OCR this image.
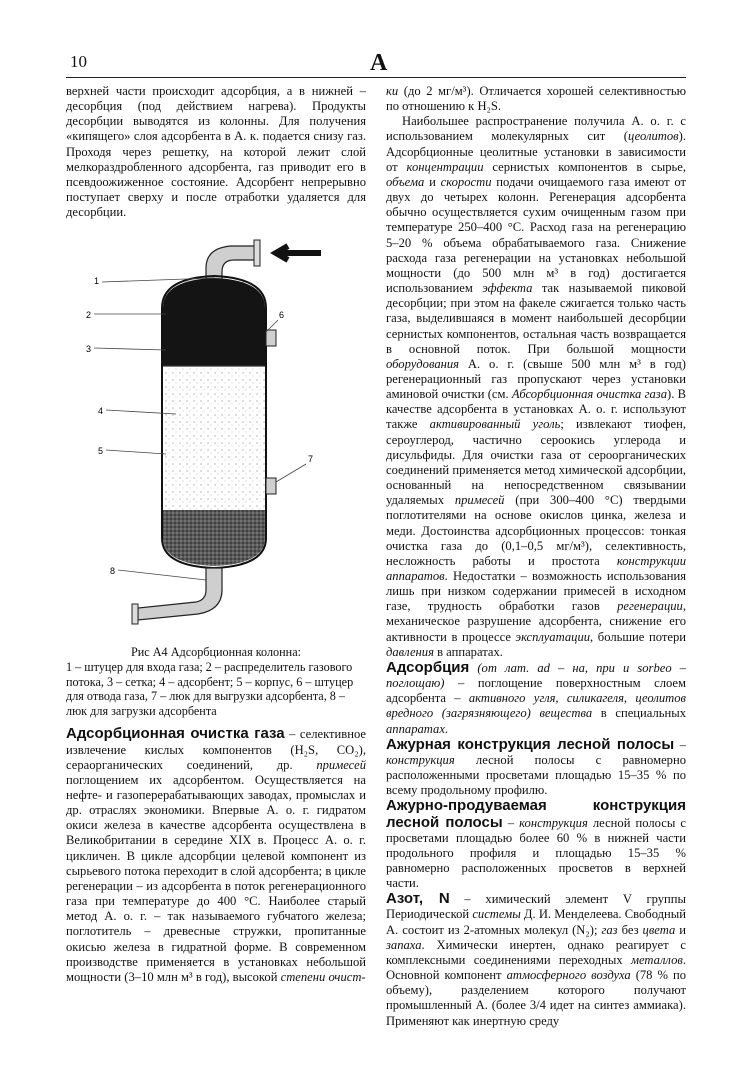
10	А

верхней части происходит адсорбция, а в нижней – десорбция (под действием нагрева). Продукты десорбции выводятся из колонны. Для получения «кипящего» слоя адсорбента в А. к. подается снизу газ. Проходя через решетку, на которой лежит слой мелкораздробленного адсорбента, газ приводит его в псевдоожиженное состояние. Адсорбент непрерывно поступает сверху и после отработки удаляется для десорбции.

1
2
3
4
5
6
7
8
Рис А4 Адсорбционная колонна:
1 – штуцер для входа газа; 2 – распределитель газового потока, 3 – сетка; 4 – адсорбент; 5 – корпус, 6 – штуцер для отвода газа, 7 – люк для выгрузки адсорбента, 8 – люк для загрузки адсорбента

Адсорбционная очистка газа – селективное извлечение кислых компонентов (H₂S, CO₂), сераорганических соединений, др. примесей поглощением их адсорбентом. Осуществляется на нефте- и газоперерабатывающих заводах, промыслах и др. отраслях экономики. Впервые А. о. г. гидратом окиси железа в качестве адсорбента осуществлена в Великобритании в середине XIX в. Процесс А. о. г. цикличен. В цикле адсорбции целевой компонент из сырьевого потока переходит в слой адсорбента; в цикле регенерации – из адсорбента в поток регенерационного газа при температуре до 400 °С. Наиболее старый метод А. о. г. – так называемого губчатого железа; поглотитель – древесные стружки, пропитанные окисью железа в гидратной форме. В современном производстве применяется в установках небольшой мощности (3–10 млн м³ в год), высокой степени очист-

ки (до 2 мг/м³). Отличается хорошей селективностью по отношению к H₂S.

Наибольшее распространение получила А. о. г. с использованием молекулярных сит (цеолитов). Адсорбционные цеолитные установки в зависимости от концентрации сернистых компонентов в сырье, объема и скорости подачи очищаемого газа имеют от двух до четырех колонн. Регенерация адсорбента обычно осуществляется сухим очищенным газом при температуре 250–400 °С. Расход газа на регенерацию 5–20 % объема обрабатываемого газа. Снижение расхода газа регенерации на установках небольшой мощности (до 500 млн м³ в год) достигается использованием эффекта так называемой пиковой десорбции; при этом на факеле сжигается только часть газа, выделившаяся в момент наибольшей десорбции сернистых компонентов, остальная часть возвращается в основной поток. При большой мощности оборудования А. о. г. (свыше 500 млн м³ в год) регенерационный газ пропускают через установки аминовой очистки (см. Абсорбционная очистка газа). В качестве адсорбента в установках А. о. г. используют также активированный уголь; извлекают тиофен, сероуглерод, частично сероокись углерода и дисульфиды. Для очистки газа от сероорганических соединений применяется метод химической адсорбции, основанный на непосредственном связывании удаляемых примесей (при 300–400 °С) твердыми поглотителями на основе окислов цинка, железа и меди. Достоинства адсорбционных процессов: тонкая очистка газа до (0,1–0,5 мг/м³), селективность, несложность работы и простота конструкции аппаратов. Недостатки – возможность использования лишь при низком содержании примесей в исходном газе, трудность обработки газов регенерации, механическое разрушение адсорбента, снижение его активности в процессе эксплуатации, большие потери давления в аппаратах.

Адсорбция (от лат. ad – на, при и sorbeo – поглощаю) – поглощение поверхностным слоем адсорбента – активного угля, силикагеля, цеолитов вредного (загрязняющего) вещества в специальных аппаратах.

Ажурная конструкция лесной полосы – конструкция лесной полосы с равномерно расположенными просветами площадью 15–35 % по всему продольному профилю.

Ажурно-продуваемая конструкция лесной полосы – конструкция лесной полосы с просветами площадью более 60 % в нижней части продольного профиля и площадью 15–35 % равномерно расположенных просветов в верхней части.

Азот, N – химический элемент V группы Периодической системы Д. И. Менделеева. Свободный А. состоит из 2-атомных молекул (N₂); газ без цвета и запаха. Химически инертен, однако реагирует с комплексными соединениями переходных металлов. Основной компонент атмосферного воздуха (78 % по объему), разделением которого получают промышленный А. (более 3/4 идет на синтез аммиака). Применяют как инертную среду
